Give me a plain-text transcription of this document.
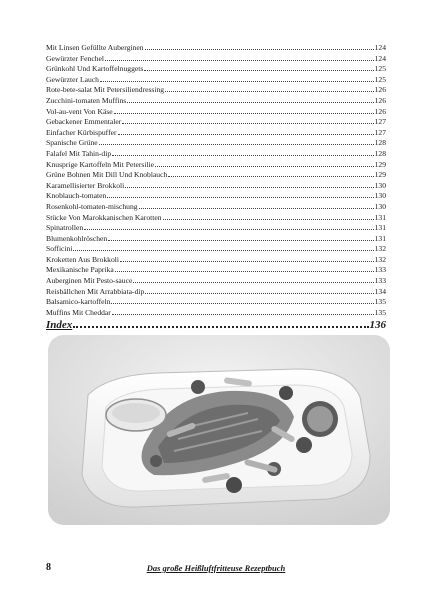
Mit Linsen Gefüllte Auberginen	124
Gewürzter Fenchel	124
Grünkohl Und Kartoffelnuggets	125
Gewürzter Lauch	125
Rote-bete-salat Mit Petersiliendressing	126
Zucchini-tomaten Muffins	126
Vol-au-vent Von Käse	126
Gebackener Emmentaler	127
Einfacher Kürbispuffer	127
Spanische Grüne	128
Falafel Mit Tahin-dip	128
Knusprige Kartoffeln Mit Petersilie	129
Grüne Bohnen Mit Dill Und Knoblauch	129
Karamellisierter Brokkoli	130
Knoblauch-tomaten	130
Rosenkohl-tomaten-mischung	130
Stücke Von Marokkanischen Karotten	131
Spinatrollen	131
Blumenkohlröschen	131
Sofficini	132
Kroketten Aus Brokkoli	132
Mexikanische Paprika	133
Auberginen Mit Pesto-sauce	133
Reisbällchen Mit Arrabbiata-dip	134
Balsamico-kartoffeln	135
Muffins Mit Cheddar	135
Index	136
8	Das große Heißluftfritteuse Rezeptbuch
